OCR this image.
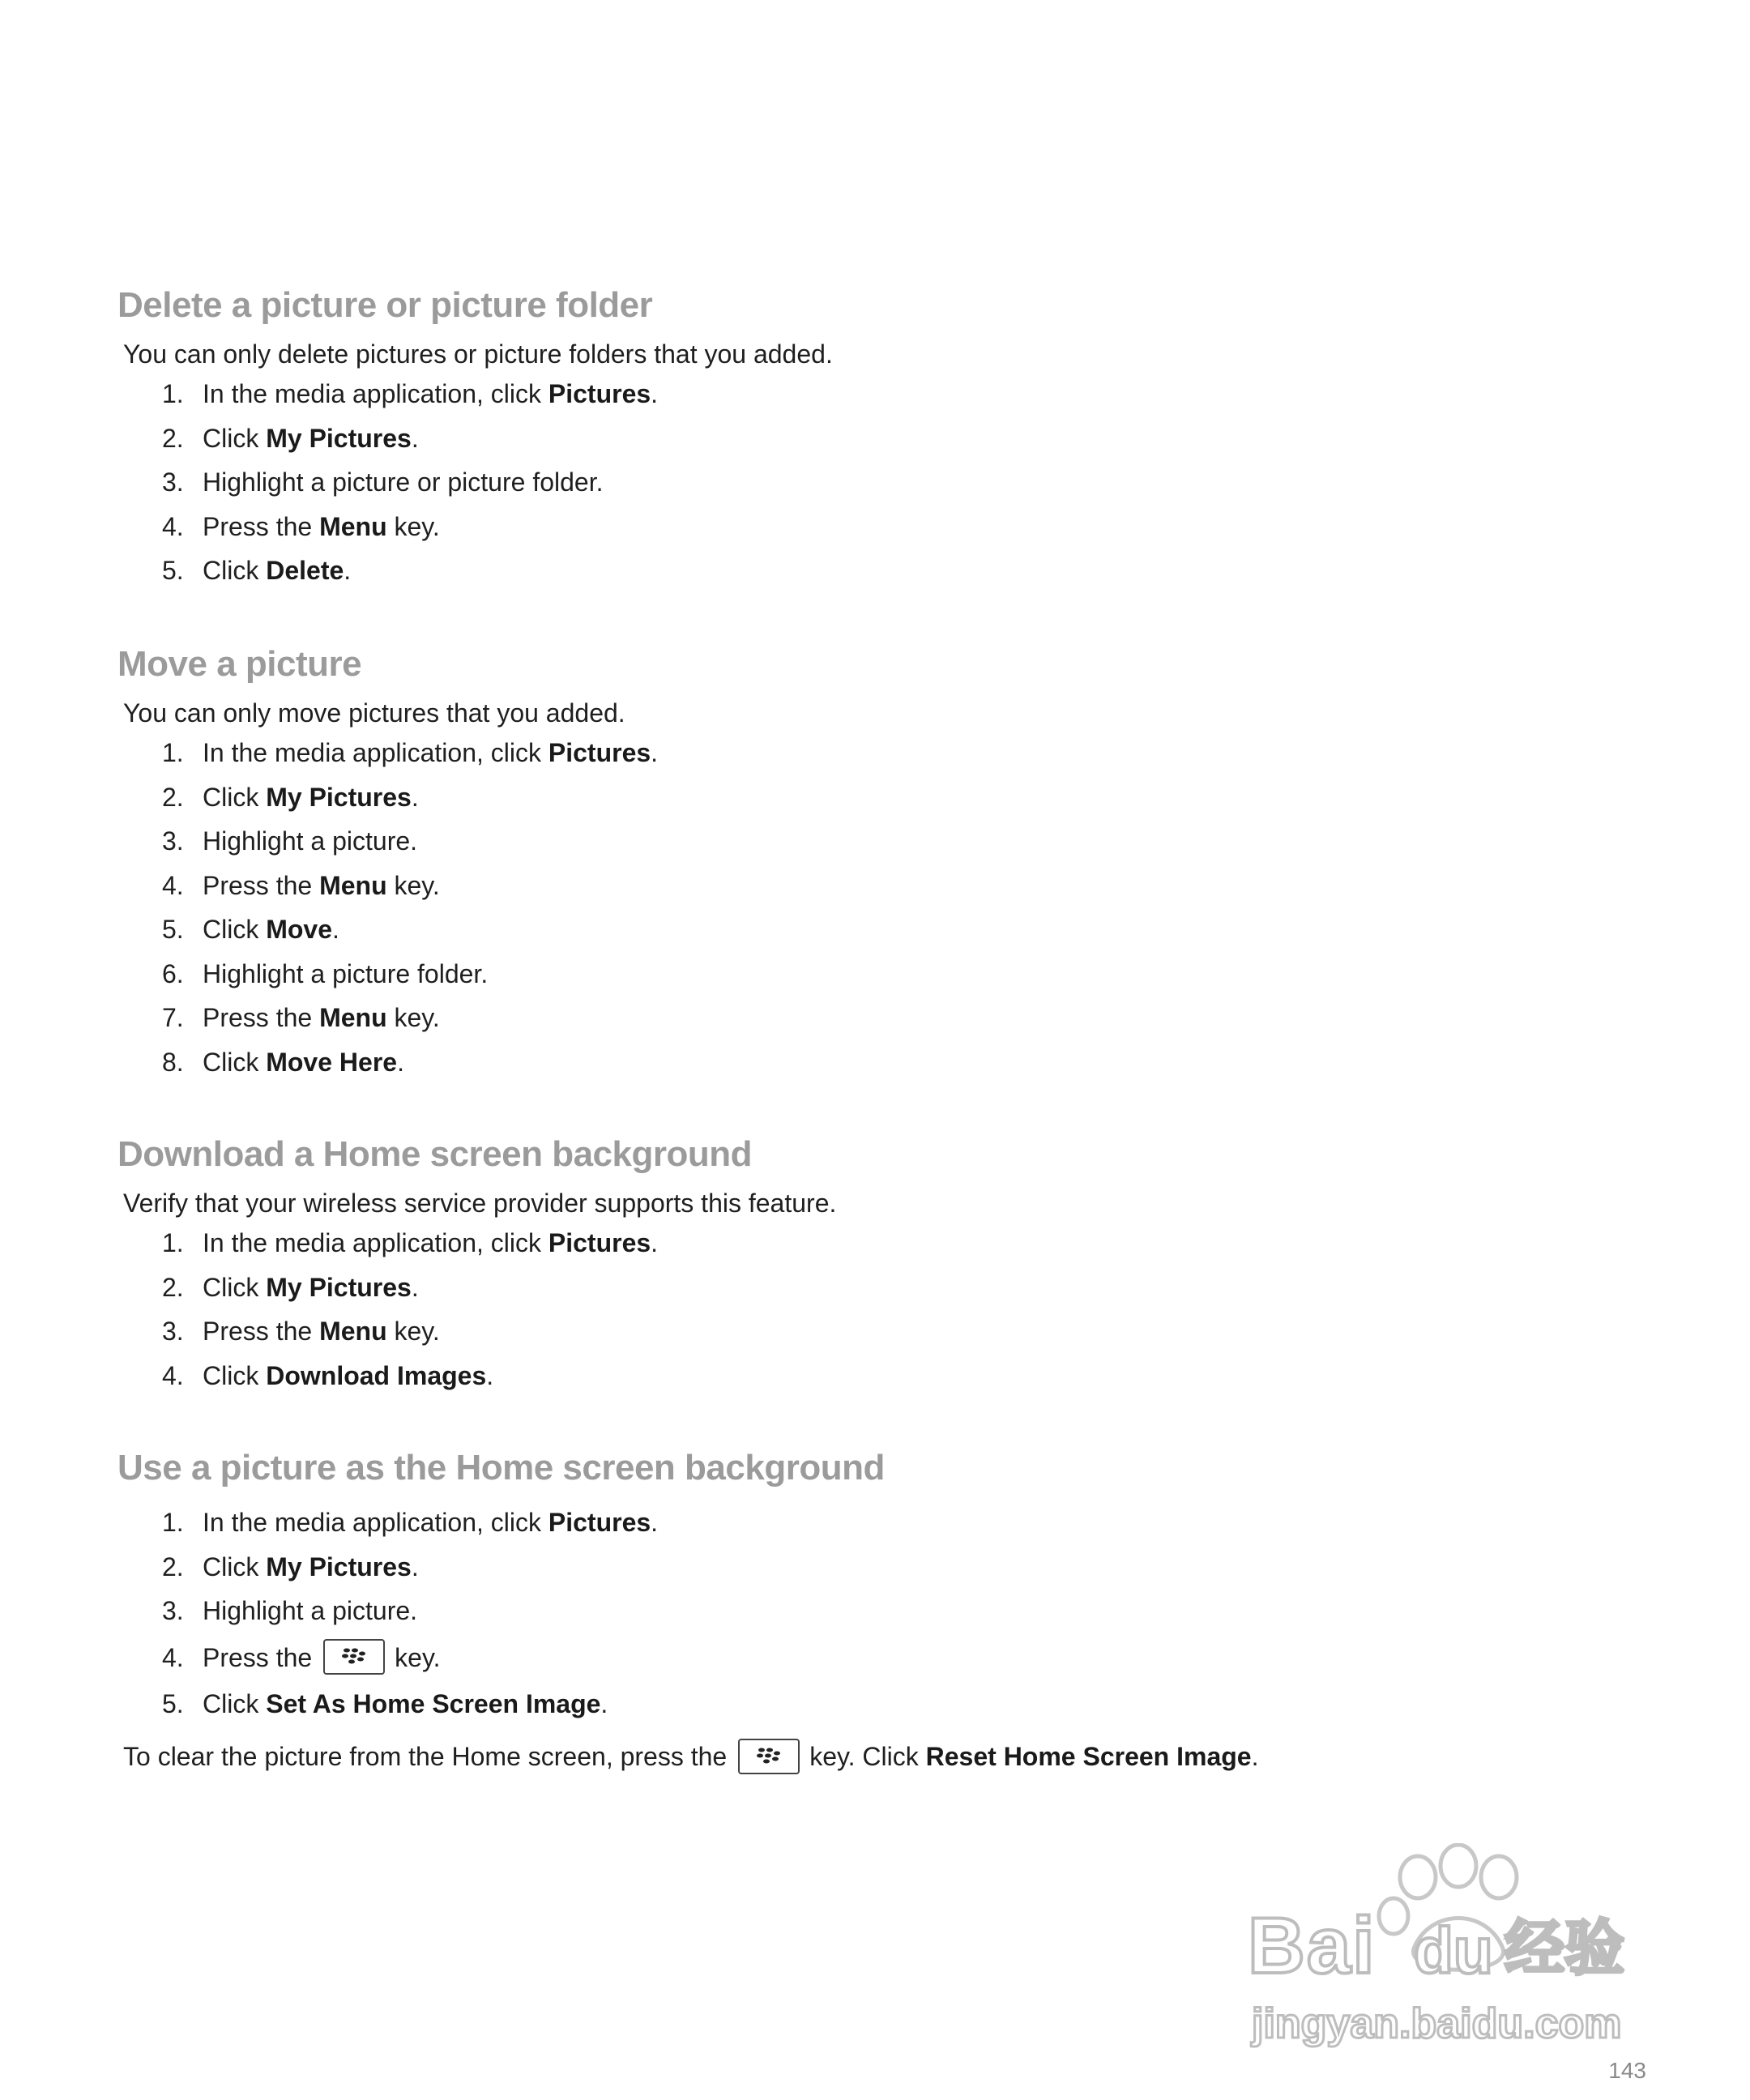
Delete a picture or picture folder

You can only delete pictures or picture folders that you added.

1. In the media application, click Pictures.
2. Click My Pictures.
3. Highlight a picture or picture folder.
4. Press the Menu key.
5. Click Delete.
Move a picture

You can only move pictures that you added.

1. In the media application, click Pictures.
2. Click My Pictures.
3. Highlight a picture.
4. Press the Menu key.
5. Click Move.
6. Highlight a picture folder.
7. Press the Menu key.
8. Click Move Here.
Download a Home screen background

Verify that your wireless service provider supports this feature.

1. In the media application, click Pictures.
2. Click My Pictures.
3. Press the Menu key.
4. Click Download Images.
Use a picture as the Home screen background
1. In the media application, click Pictures.
2. Click My Pictures.
3. Highlight a picture.
4. Press the	key.
5. Click Set As Home Screen Image.
To clear the picture from the Home screen, press the	key. Click Reset Home Screen Image.
Bai du 经验
jingyan.baidu.com
143
